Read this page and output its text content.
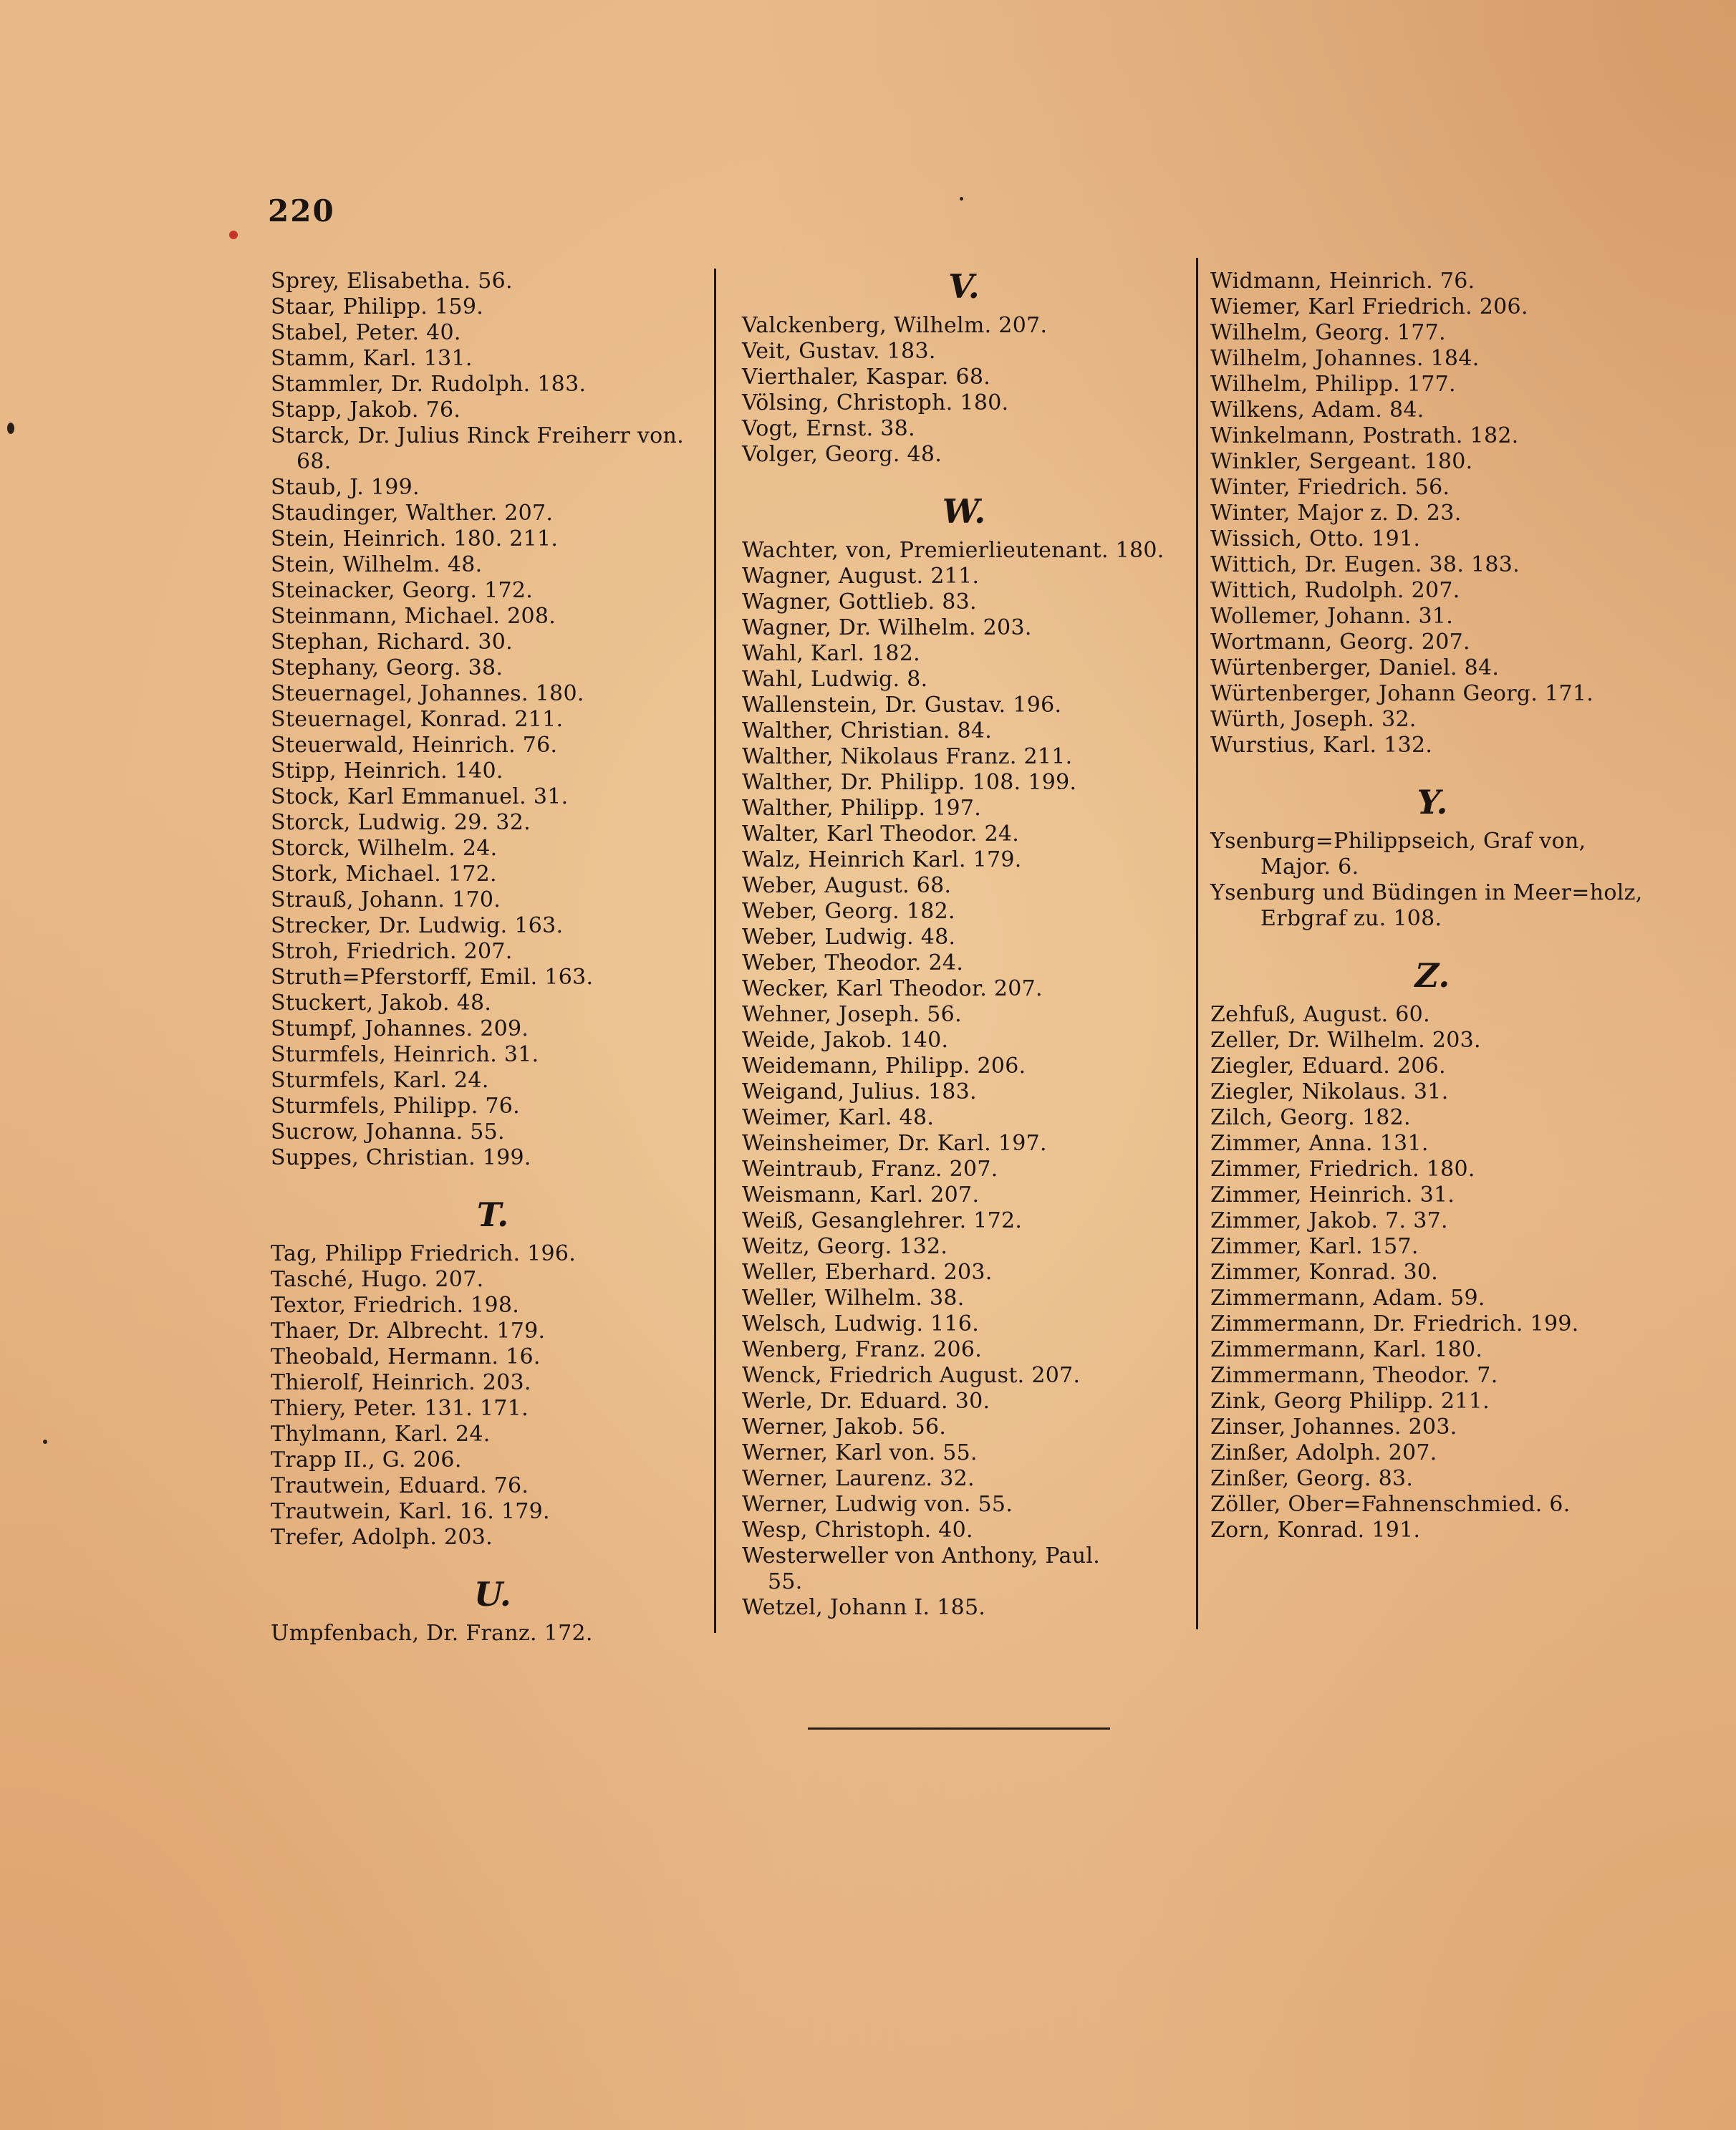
220
Sprey, Elisabetha. 56.
Staar, Philipp. 159.
Stabel, Peter. 40.
Stamm, Karl. 131.
Stammler, Dr. Rudolph. 183.
Stapp, Jakob. 76.
Starck, Dr. Julius Rinck Freiherr von.
68.
Staub, J. 199.
Staudinger, Walther. 207.
Stein, Heinrich. 180. 211.
Stein, Wilhelm. 48.
Steinacker, Georg. 172.
Steinmann, Michael. 208.
Stephan, Richard. 30.
Stephany, Georg. 38.
Steuernagel, Johannes. 180.
Steuernagel, Konrad. 211.
Steuerwald, Heinrich. 76.
Stipp, Heinrich. 140.
Stock, Karl Emmanuel. 31.
Storck, Ludwig. 29. 32.
Storck, Wilhelm. 24.
Stork, Michael. 172.
Strauß, Johann. 170.
Strecker, Dr. Ludwig. 163.
Stroh, Friedrich. 207.
Struth=Pferstorff, Emil. 163.
Stuckert, Jakob. 48.
Stumpf, Johannes. 209.
Sturmfels, Heinrich. 31.
Sturmfels, Karl. 24.
Sturmfels, Philipp. 76.
Sucrow, Johanna. 55.
Suppes, Christian. 199.
T.
Tag, Philipp Friedrich. 196.
Tasché, Hugo. 207.
Textor, Friedrich. 198.
Thaer, Dr. Albrecht. 179.
Theobald, Hermann. 16.
Thierolf, Heinrich. 203.
Thiery, Peter. 131. 171.
Thylmann, Karl. 24.
Trapp II., G. 206.
Trautwein, Eduard. 76.
Trautwein, Karl. 16. 179.
Trefer, Adolph. 203.
U.
Umpfenbach, Dr. Franz. 172.
V.
Valckenberg, Wilhelm. 207.
Veit, Gustav. 183.
Vierthaler, Kaspar. 68.
Völsing, Christoph. 180.
Vogt, Ernst. 38.
Volger, Georg. 48.
W.
Wachter, von, Premierlieutenant. 180.
Wagner, August. 211.
Wagner, Gottlieb. 83.
Wagner, Dr. Wilhelm. 203.
Wahl, Karl. 182.
Wahl, Ludwig. 8.
Wallenstein, Dr. Gustav. 196.
Walther, Christian. 84.
Walther, Nikolaus Franz. 211.
Walther, Dr. Philipp. 108. 199.
Walther, Philipp. 197.
Walter, Karl Theodor. 24.
Walz, Heinrich Karl. 179.
Weber, August. 68.
Weber, Georg. 182.
Weber, Ludwig. 48.
Weber, Theodor. 24.
Wecker, Karl Theodor. 207.
Wehner, Joseph. 56.
Weide, Jakob. 140.
Weidemann, Philipp. 206.
Weigand, Julius. 183.
Weimer, Karl. 48.
Weinsheimer, Dr. Karl. 197.
Weintraub, Franz. 207.
Weismann, Karl. 207.
Weiß, Gesanglehrer. 172.
Weitz, Georg. 132.
Weller, Eberhard. 203.
Weller, Wilhelm. 38.
Welsch, Ludwig. 116.
Wenberg, Franz. 206.
Wenck, Friedrich August. 207.
Werle, Dr. Eduard. 30.
Werner, Jakob. 56.
Werner, Karl von. 55.
Werner, Laurenz. 32.
Werner, Ludwig von. 55.
Wesp, Christoph. 40.
Westerweller von Anthony, Paul.
55.
Wetzel, Johann I. 185.
Widmann, Heinrich. 76.
Wiemer, Karl Friedrich. 206.
Wilhelm, Georg. 177.
Wilhelm, Johannes. 184.
Wilhelm, Philipp. 177.
Wilkens, Adam. 84.
Winkelmann, Postrath. 182.
Winkler, Sergeant. 180.
Winter, Friedrich. 56.
Winter, Major z. D. 23.
Wissich, Otto. 191.
Wittich, Dr. Eugen. 38. 183.
Wittich, Rudolph. 207.
Wollemer, Johann. 31.
Wortmann, Georg. 207.
Würtenberger, Daniel. 84.
Würtenberger, Johann Georg. 171.
Würth, Joseph. 32.
Wurstius, Karl. 132.
Y.
Ysenburg=Philippseich, Graf von, Major. 6.
Ysenburg und Büdingen in Meer=holz, Erbgraf zu. 108.
Z.
Zehfuß, August. 60.
Zeller, Dr. Wilhelm. 203.
Ziegler, Eduard. 206.
Ziegler, Nikolaus. 31.
Zilch, Georg. 182.
Zimmer, Anna. 131.
Zimmer, Friedrich. 180.
Zimmer, Heinrich. 31.
Zimmer, Jakob. 7. 37.
Zimmer, Karl. 157.
Zimmer, Konrad. 30.
Zimmermann, Adam. 59.
Zimmermann, Dr. Friedrich. 199.
Zimmermann, Karl. 180.
Zimmermann, Theodor. 7.
Zink, Georg Philipp. 211.
Zinser, Johannes. 203.
Zinßer, Adolph. 207.
Zinßer, Georg. 83.
Zöller, Ober=Fahnenschmied. 6.
Zorn, Konrad. 191.
